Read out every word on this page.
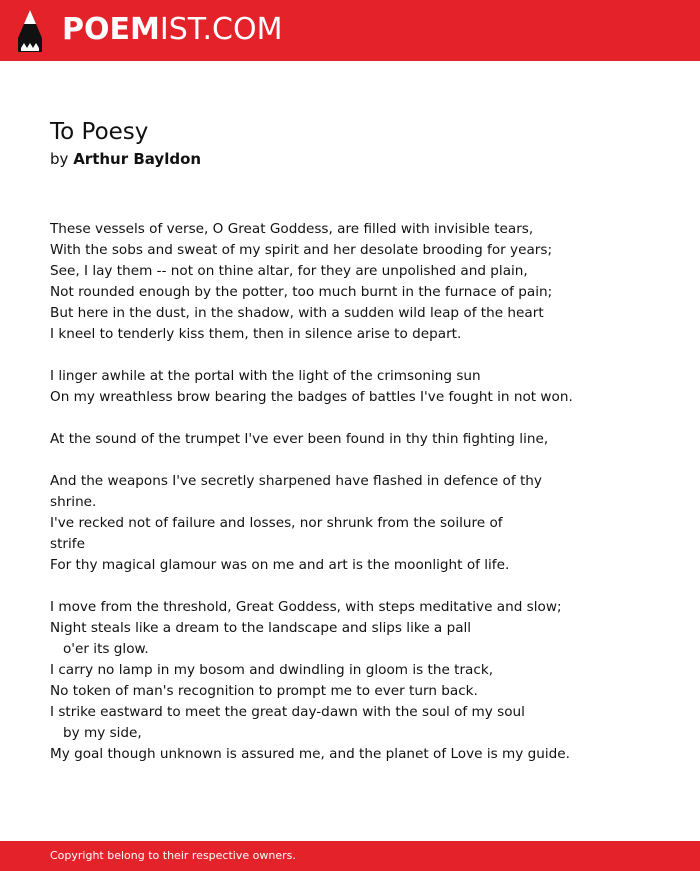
POEMIST.COM
To Poesy
by Arthur Bayldon
These vessels of verse, O Great Goddess, are filled with invisible tears,
With the sobs and sweat of my spirit and her desolate brooding for years;
See, I lay them -- not on thine altar, for they are unpolished and plain,
Not rounded enough by the potter, too much burnt in the furnace of pain;
But here in the dust, in the shadow, with a sudden wild leap of the heart
I kneel to tenderly kiss them, then in silence arise to depart.
I linger awhile at the portal with the light of the crimsoning sun
On my wreathless brow bearing the badges of battles I've fought in not won.
At the sound of the trumpet I've ever been found in thy thin fighting line,
And the weapons I've secretly sharpened have flashed in defence of thy
shrine.
I've recked not of failure and losses, nor shrunk from the soilure of
strife
For thy magical glamour was on me and art is the moonlight of life.
I move from the threshold, Great Goddess, with steps meditative and slow;
Night steals like a dream to the landscape and slips like a pall
o'er its glow.
I carry no lamp in my bosom and dwindling in gloom is the track,
No token of man's recognition to prompt me to ever turn back.
I strike eastward to meet the great day-dawn with the soul of my soul
by my side,
My goal though unknown is assured me, and the planet of Love is my guide.
Copyright belong to their respective owners.
